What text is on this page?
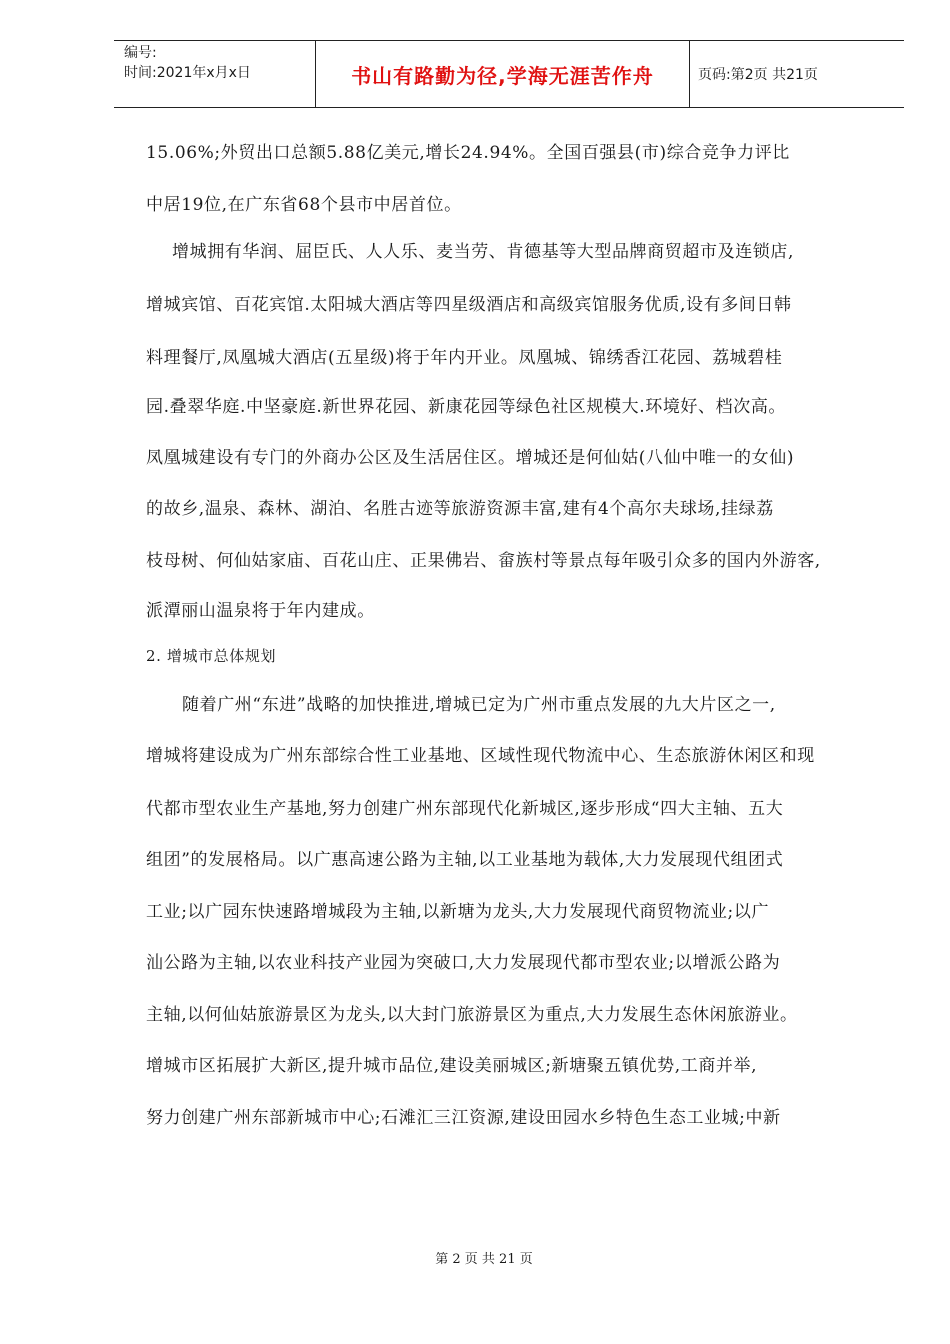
编号:
时间:2021年x月x日	书山有路勤为径,学海无涯苦作舟	页码:第2页 共21页
15.06%;外贸出口总额5.88亿美元,增长24.94%。全国百强县(市)综合竞争力评比
中居19位,在广东省68个县市中居首位。
增城拥有华润、屈臣氏、人人乐、麦当劳、肯德基等大型品牌商贸超市及连锁店,
增城宾馆、百花宾馆.太阳城大酒店等四星级酒店和高级宾馆服务优质,设有多间日韩
料理餐厅,凤凰城大酒店(五星级)将于年内开业。凤凰城、锦绣香江花园、荔城碧桂
园.叠翠华庭.中坚豪庭.新世界花园、新康花园等绿色社区规模大.环境好、档次高。
凤凰城建设有专门的外商办公区及生活居住区。增城还是何仙姑(八仙中唯一的女仙)
的故乡,温泉、森林、湖泊、名胜古迹等旅游资源丰富,建有4个高尔夫球场,挂绿荔
枝母树、何仙姑家庙、百花山庄、正果佛岩、畲族村等景点每年吸引众多的国内外游客,
派潭丽山温泉将于年内建成。
2. 增城市总体规划
随着广州“东进”战略的加快推进,增城已定为广州市重点发展的九大片区之一,
增城将建设成为广州东部综合性工业基地、区域性现代物流中心、生态旅游休闲区和现
代都市型农业生产基地,努力创建广州东部现代化新城区,逐步形成“四大主轴、五大
组团”的发展格局。以广惠高速公路为主轴,以工业基地为载体,大力发展现代组团式
工业;以广园东快速路增城段为主轴,以新塘为龙头,大力发展现代商贸物流业;以广
汕公路为主轴,以农业科技产业园为突破口,大力发展现代都市型农业;以增派公路为
主轴,以何仙姑旅游景区为龙头,以大封门旅游景区为重点,大力发展生态休闲旅游业。
增城市区拓展扩大新区,提升城市品位,建设美丽城区;新塘聚五镇优势,工商并举,
努力创建广州东部新城市中心;石滩汇三江资源,建设田园水乡特色生态工业城;中新
第 2 页 共 21 页
